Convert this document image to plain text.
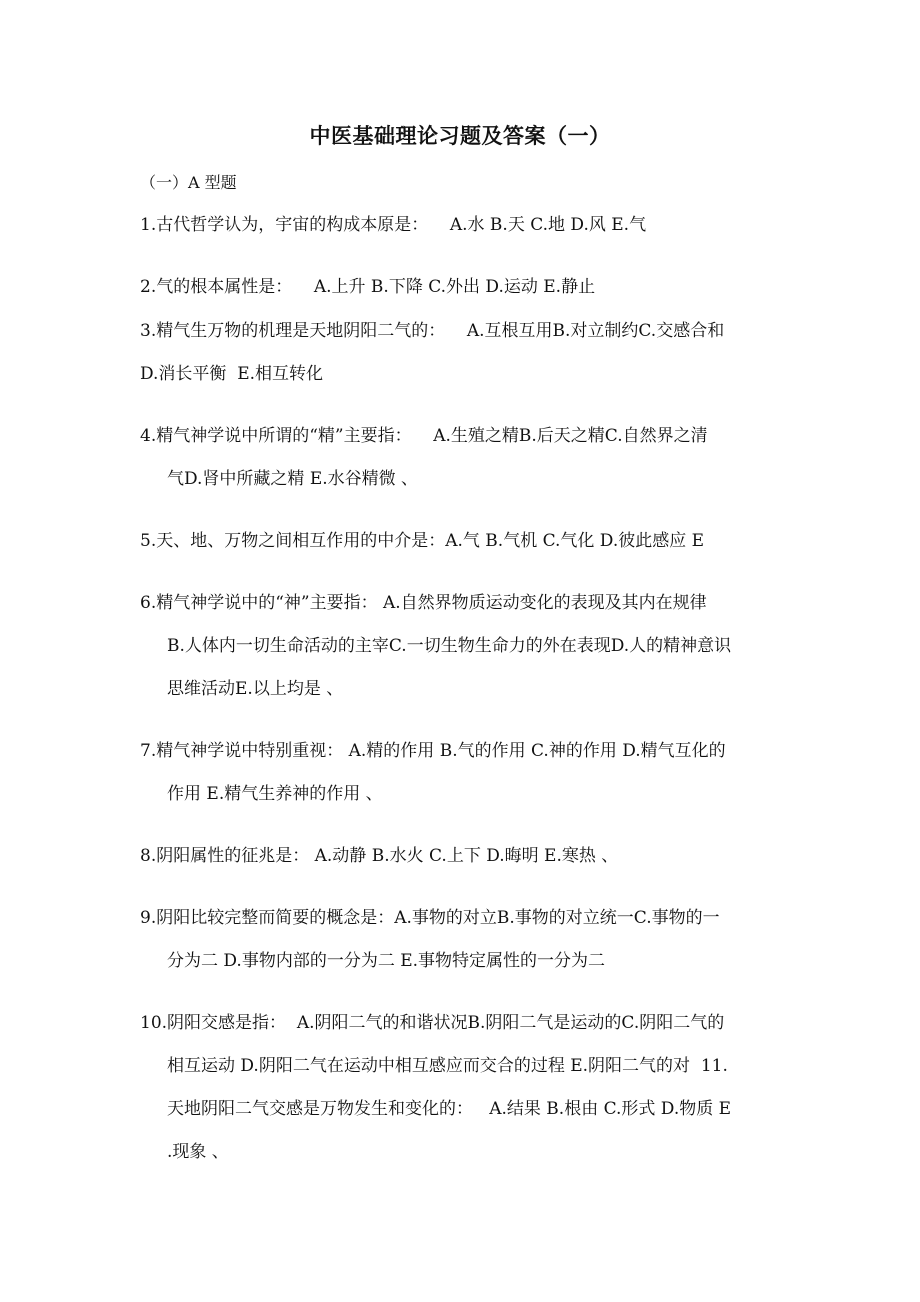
中医基础理论习题及答案（一）
（一）A 型题
1.古代哲学认为，宇宙的构成本原是：    A.水 B.天 C.地 D.风 E.气
2.气的根本属性是：    A.上升 B.下降 C.外出 D.运动 E.静止
3.精气生万物的机理是天地阴阳二气的：    A.互根互用B.对立制约C.交感合和
D.消长平衡  E.相互转化
4.精气神学说中所谓的“精”主要指：    A.生殖之精B.后天之精C.自然界之清
气D.肾中所藏之精 E.水谷精微 、
5.天、地、万物之间相互作用的中介是：A.气 B.气机 C.气化 D.彼此感应 E
6.精气神学说中的“神”主要指： A.自然界物质运动变化的表现及其内在规律
B.人体内一切生命活动的主宰C.一切生物生命力的外在表现D.人的精神意识
思维活动E.以上均是 、
7.精气神学说中特别重视： A.精的作用 B.气的作用 C.神的作用 D.精气互化的
作用 E.精气生养神的作用 、
8.阴阳属性的征兆是： A.动静 B.水火 C.上下 D.晦明 E.寒热 、
9.阴阳比较完整而简要的概念是：A.事物的对立B.事物的对立统一C.事物的一
分为二 D.事物内部的一分为二 E.事物特定属性的一分为二
10.阴阳交感是指：  A.阴阳二气的和谐状况B.阴阳二气是运动的C.阴阳二气的
相互运动 D.阴阳二气在运动中相互感应而交合的过程 E.阴阳二气的对  11.
天地阴阳二气交感是万物发生和变化的：   A.结果 B.根由 C.形式 D.物质 E
.现象 、
